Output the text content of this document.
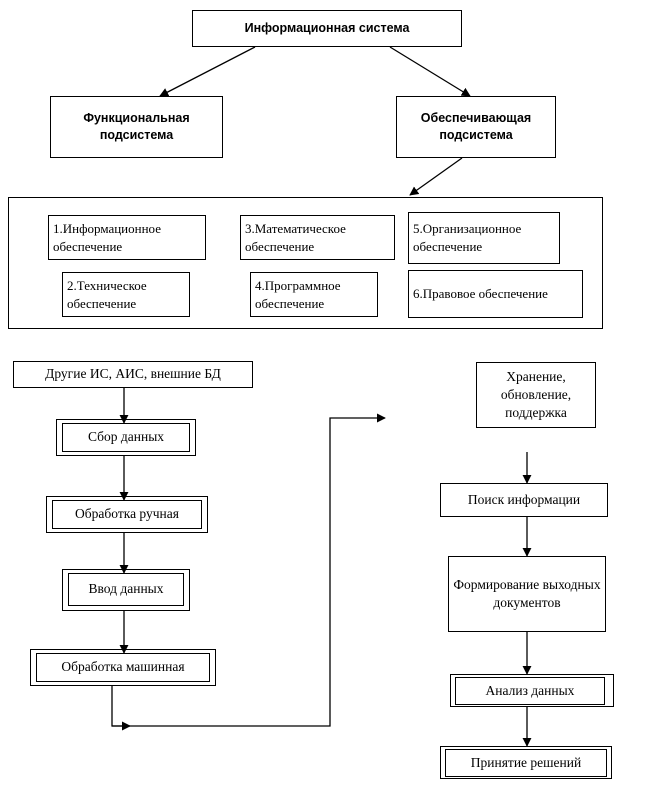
Информационная система
Функциональная подсистема
Обеспечивающая подсистема
1.Информационное обеспечение
3.Математическое обеспечение
5.Организационное обеспечение
2.Техническое обеспечение
4.Программное обеспечение
6.Правовое обеспечение
Другие ИС, АИС, внешние БД
Сбор данных
Обработка ручная
Ввод данных
Обработка машинная
Хранение, обновление, поддержка
Поиск информации
Формирование выходных документов
Анализ данных
Принятие решений
